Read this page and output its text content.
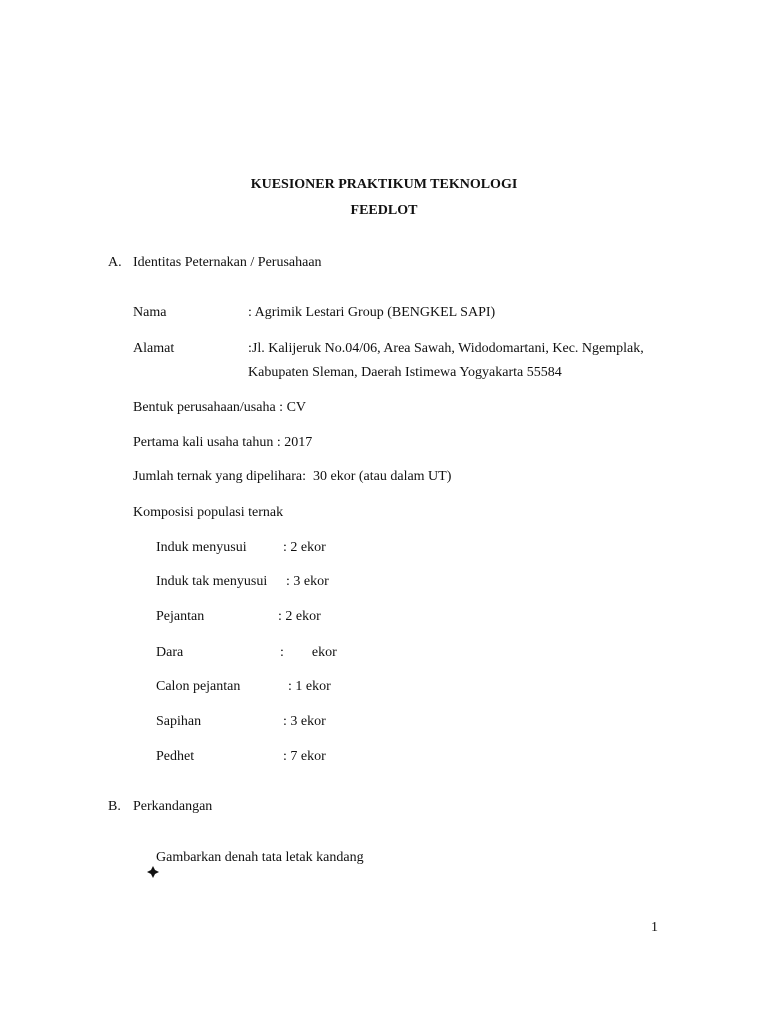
KUESIONER PRAKTIKUM TEKNOLOGI
FEEDLOT
A. Identitas Peternakan / Perusahaan
Nama	: Agrimik Lestari Group (BENGKEL SAPI)
Alamat	:Jl. Kalijeruk No.04/06, Area Sawah, Widodomartani, Kec. Ngemplak,
Kabupaten Sleman, Daerah Istimewa Yogyakarta 55584
Bentuk perusahaan/usaha : CV
Pertama kali usaha tahun : 2017
Jumlah ternak yang dipelihara:  30 ekor (atau dalam UT)
Komposisi populasi ternak
Induk menyusui	: 2 ekor
Induk tak menyusui : 3 ekor
Pejantan	: 2 ekor
Dara	:        ekor
Calon pejantan	: 1 ekor
Sapihan	: 3 ekor
Pedhet	: 7 ekor
B. Perkandangan

Gambarkan denah tata letak kandang
1
